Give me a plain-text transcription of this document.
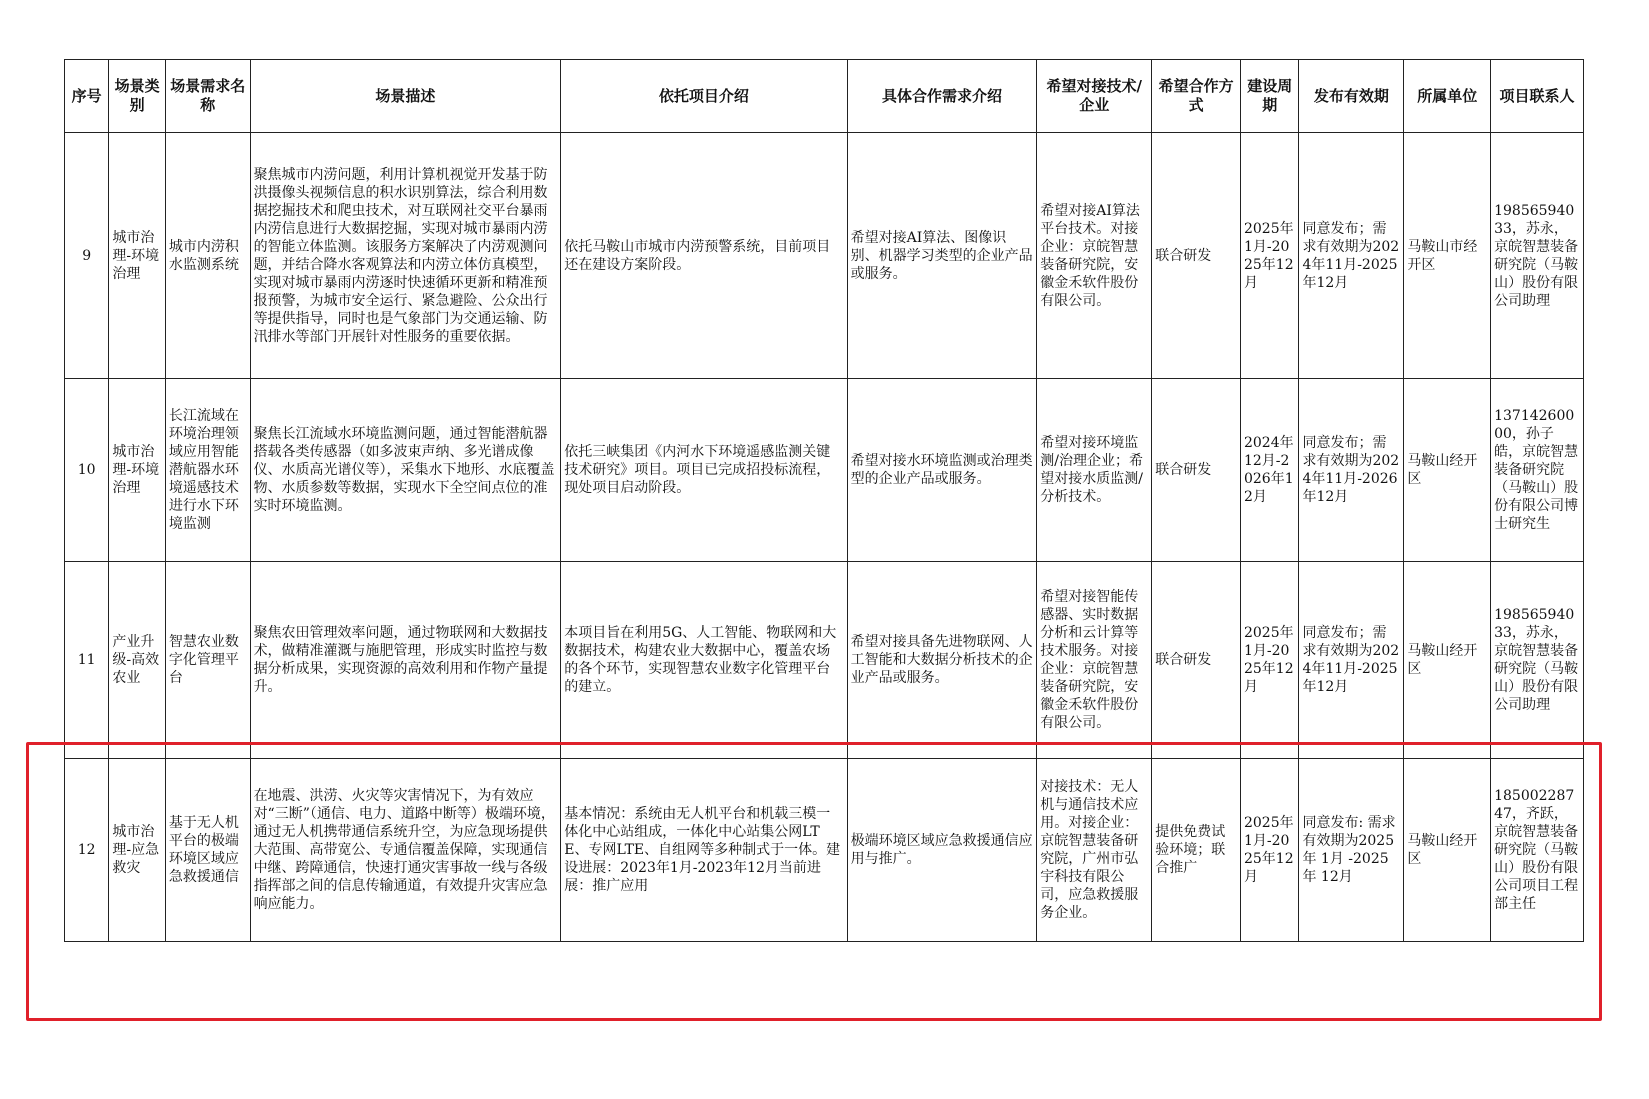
序号	场景类别	场景需求名称	场景描述	依托项目介绍	具体合作需求介绍	希望对接技术/企业	希望合作方式	建设周期	发布有效期	所属单位	项目联系人
9	城市治理-环境治理	城市内涝积水监测系统	聚焦城市内涝问题，利用计算机视觉开发基于防洪摄像头视频信息的积水识别算法，综合利用数据挖掘技术和爬虫技术，对互联网社交平台暴雨内涝信息进行大数据挖掘，实现对城市暴雨内涝的智能立体监测。该服务方案解决了内涝观测问题，并结合降水客观算法和内涝立体仿真模型，实现对城市暴雨内涝逐时快速循环更新和精准预报预警，为城市安全运行、紧急避险、公众出行等提供指导，同时也是气象部门为交通运输、防汛排水等部门开展针对性服务的重要依据。	依托马鞍山市城市内涝预警系统，目前项目还在建设方案阶段。	希望对接AI算法、图像识别、机器学习类型的企业产品或服务。	希望对接AI算法平台技术。对接企业：京皖智慧装备研究院，安徽金禾软件股份有限公司。	联合研发	2025年1月-2025年12月	同意发布；需求有效期为2024年11月-2025年12月	马鞍山市经开区	19856594033，苏永，京皖智慧装备研究院（马鞍山）股份有限公司助理
10	城市治理-环境治理	长江流域在环境治理领域应用智能潜航器水环境遥感技术进行水下环境监测	聚焦长江流域水环境监测问题，通过智能潜航器搭载各类传感器（如多波束声纳、多光谱成像仪、水质高光谱仪等），采集水下地形、水底覆盖物、水质参数等数据，实现水下全空间点位的准实时环境监测。	依托三峡集团《内河水下环境遥感监测关键技术研究》项目。项目已完成招投标流程，现处项目启动阶段。	希望对接水环境监测或治理类型的企业产品或服务。	希望对接环境监测/治理企业；希望对接水质监测/分析技术。	联合研发	2024年12月-2026年12月	同意发布；需求有效期为2024年11月-2026年12月	马鞍山经开区	13714260000，孙子皓，京皖智慧装备研究院（马鞍山）股份有限公司博士研究生
11	产业升级-高效农业	智慧农业数字化管理平台	聚焦农田管理效率问题，通过物联网和大数据技术，做精准灌溉与施肥管理，形成实时监控与数据分析成果，实现资源的高效利用和作物产量提升。	本项目旨在利用5G、人工智能、物联网和大数据技术，构建农业大数据中心，覆盖农场的各个环节，实现智慧农业数字化管理平台的建立。	希望对接具备先进物联网、人工智能和大数据分析技术的企业产品或服务。	希望对接智能传感器、实时数据分析和云计算等技术服务。对接企业：京皖智慧装备研究院，安徽金禾软件股份有限公司。	联合研发	2025年1月-2025年12月	同意发布；需求有效期为2024年11月-2025年12月	马鞍山经开区	19856594033，苏永，京皖智慧装备研究院（马鞍山）股份有限公司助理
12	城市治理-应急救灾	基于无人机平台的极端环境区域应急救援通信	在地震、洪涝、火灾等灾害情况下，为有效应对“三断”（通信、电力、道路中断等）极端环境，通过无人机携带通信系统升空，为应急现场提供大范围、高带宽公、专通信覆盖保障，实现通信中继、跨障通信，快速打通灾害事故一线与各级指挥部之间的信息传输通道，有效提升灾害应急响应能力。	基本情况：系统由无人机平台和机载三模一体化中心站组成，一体化中心站集公网LTE、专网LTE、自组网等多种制式于一体。建设进展：2023年1月-2023年12月当前进展：推广应用	极端环境区域应急救援通信应用与推广。	对接技术：无人机与通信技术应用。对接企业：京皖智慧装备研究院，广州市弘宇科技有限公司，应急救援服务企业。	提供免费试验环境；联合推广	2025年1月-2025年12月	同意发布: 需求有效期为2025年 1月 -2025年 12月	马鞍山经开区	18500228747，齐跃，京皖智慧装备研究院（马鞍山）股份有限公司项目工程部主任
